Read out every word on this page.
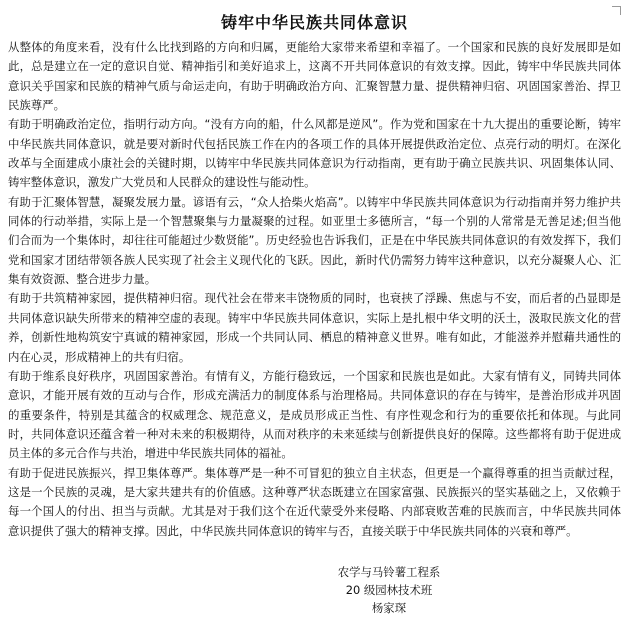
铸牢中华民族共同体意识

从整体的角度来看，没有什么比找到路的方向和归属，更能给大家带来希望和幸福了。一个国家和民族的良好发展即是如此，总是建立在一定的意识自觉、精神指引和美好追求上，这离不开共同体意识的有效支撑。因此，铸牢中华民族共同体意识关乎国家和民族的精神气质与命运走向，有助于明确政治方向、汇聚智慧力量、提供精神归宿、巩固国家善治、捍卫民族尊严。

有助于明确政治定位，指明行动方向。“没有方向的船，什么风都是逆风”。作为党和国家在十九大提出的重要论断，铸牢中华民族共同体意识，就是要对新时代包括民族工作在内的各项工作的具体开展提供政治定位、点亮行动的明灯。在深化改革与全面建成小康社会的关键时期，以铸牢中华民族共同体意识为行动指南，更有助于确立民族共识、巩固集体认同、铸牢整体意识，激发广大党员和人民群众的建设性与能动性。

有助于汇聚体智慧，凝聚发展力量。谚语有云，“众人拾柴火焰高”。以铸牢中华民族共同体意识为行动指南并努力维护共同体的行动举措，实际上是一个智慧聚集与力量凝聚的过程。如亚里士多德所言，“每一个别的人常常是无善足述;但当他们合而为一个集体时，却往往可能超过少数贤能”。历史经验也告诉我们，正是在中华民族共同体意识的有效发挥下，我们党和国家才团结带领各族人民实现了社会主义现代化的飞跃。因此，新时代仍需努力铸牢这种意识，以充分凝聚人心、汇集有效资源、整合进步力量。

有助于共筑精神家园，提供精神归宿。现代社会在带来丰饶物质的同时，也衰挟了浮躁、焦虑与不安，而后者的凸显即是共同体意识缺失所带来的精神空虚的表现。铸牢中华民族共同体意识，实际上是扎根中华文明的沃土，汲取民族文化的营养，创新性地构筑安宁真诚的精神家园，形成一个共同认同、栖息的精神意义世界。唯有如此，才能滋养并慰藉共通性的内在心灵，形成精神上的共有归宿。

有助于维系良好秩序，巩固国家善治。有情有义，方能行稳致远，一个国家和民族也是如此。大家有情有义，同铸共同体意识，才能开展有效的互动与合作，形成充满活力的制度体系与治理格局。共同体意识的存在与铸牢，是善治形成并巩固的重要条件，特别是其蕴含的权威理念、规范意义，是成员形成正当性、有序性观念和行为的重要依托和体现。与此同时，共同体意识还蕴含着一种对未来的积极期待，从而对秩序的未来延续与创新提供良好的保障。这些都将有助于促进成员主体的多元合作与共治，增进中华民族共同体的福祉。

有助于促进民族振兴，捍卫集体尊严。集体尊严是一种不可冒犯的独立自主状态，但更是一个赢得尊重的担当贡献过程，这是一个民族的灵魂，是大家共建共有的价值感。这种尊严状态既建立在国家富强、民族振兴的坚实基础之上，又依赖于每一个国人的付出、担当与贡献。尤其是对于我们这个在近代蒙受外来侵略、内部衰败苦难的民族而言，中华民族共同体意识提供了强大的精神支撑。因此，中华民族共同体意识的铸牢与否，直接关联于中华民族共同体的兴衰和尊严。

农学与马铃薯工程系
20 级园林技术班
杨家琛
